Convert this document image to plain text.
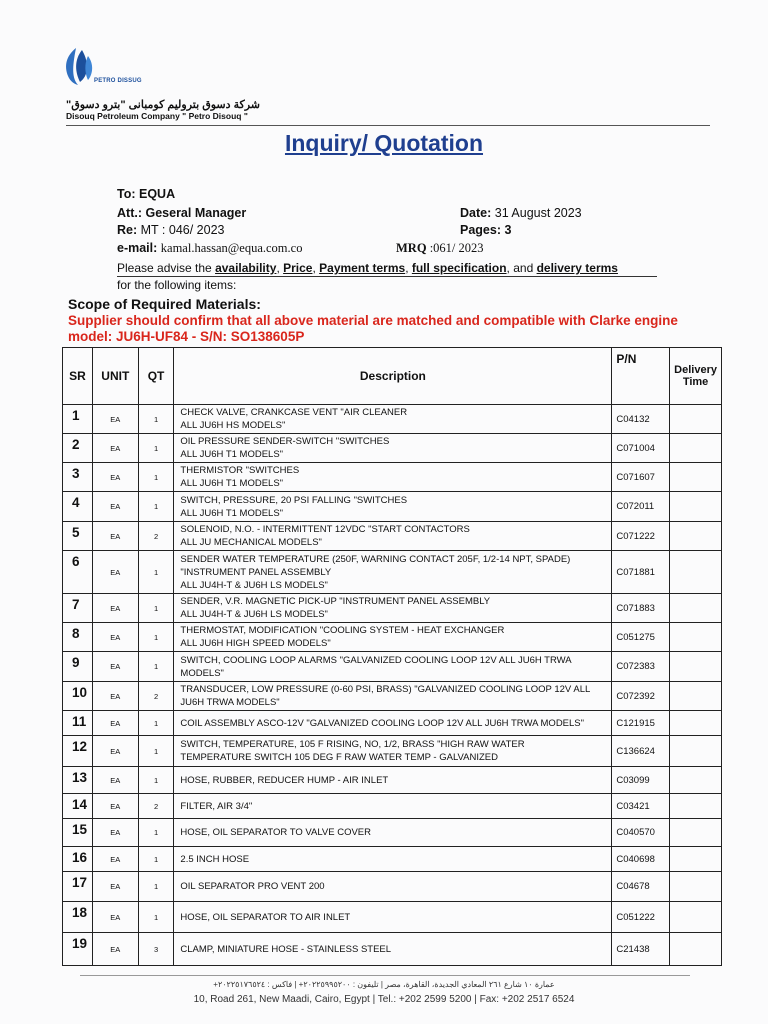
PETRO DISSUG
شركة دسوق بتروليم كومبانى "بترو دسوق"
Disouq Petroleum Company " Petro Disouq "
Inquiry/ Quotation
To: EQUA
Att.: Geseral Manager
Re: MT : 046/ 2023
e-mail: kamal.hassan@equa.com.co
Date: 31 August 2023
Pages: 3
MRQ :061/ 2023
Please advise the availability, Price, Payment terms, full specification, and delivery terms
for the following items:
Scope of Required Materials:
Supplier should confirm that all above material are matched and compatible with Clarke engine model: JU6H-UF84 - S/N: SO138605P
SR	UNIT	QT	Description	P/N	Delivery Time
1	EA	1	CHECK VALVE, CRANKCASE VENT "AIR CLEANER
ALL JU6H HS MODELS"	C04132	
2	EA	1	OIL PRESSURE SENDER-SWITCH "SWITCHES
ALL JU6H T1 MODELS"	C071004	
3	EA	1	THERMISTOR "SWITCHES
ALL JU6H T1 MODELS"	C071607	
4	EA	1	SWITCH, PRESSURE, 20 PSI FALLING "SWITCHES
ALL JU6H T1 MODELS"	C072011	
5	EA	2	SOLENOID, N.O. - INTERMITTENT 12VDC "START CONTACTORS
ALL JU MECHANICAL MODELS"	C071222	
6	EA	1	SENDER WATER TEMPERATURE (250F, WARNING CONTACT 205F, 1/2-14 NPT, SPADE)
"INSTRUMENT PANEL ASSEMBLY
ALL JU4H-T & JU6H LS MODELS"	C071881	
7	EA	1	SENDER, V.R. MAGNETIC PICK-UP "INSTRUMENT PANEL ASSEMBLY
ALL JU4H-T & JU6H LS MODELS"	C071883	
8	EA	1	THERMOSTAT, MODIFICATION "COOLING SYSTEM - HEAT EXCHANGER
ALL JU6H HIGH SPEED MODELS"	C051275	
9	EA	1	SWITCH, COOLING LOOP ALARMS "GALVANIZED COOLING LOOP 12V ALL JU6H TRWA
MODELS"	C072383	
10	EA	2	TRANSDUCER, LOW PRESSURE (0-60 PSI, BRASS) "GALVANIZED COOLING LOOP 12V ALL
JU6H TRWA MODELS"	C072392	
11	EA	1	COIL ASSEMBLY ASCO-12V "GALVANIZED COOLING LOOP 12V ALL JU6H TRWA MODELS"	C121915	
12	EA	1	SWITCH, TEMPERATURE, 105 F RISING, NO, 1/2, BRASS "HIGH RAW WATER
TEMPERATURE SWITCH 105 DEG F RAW WATER TEMP - GALVANIZED	C136624	
13	EA	1	HOSE, RUBBER, REDUCER HUMP - AIR INLET	C03099	
14	EA	2	FILTER, AIR 3/4"	C03421	
15	EA	1	HOSE, OIL SEPARATOR TO VALVE COVER	C040570	
16	EA	1	2.5 INCH HOSE	C040698	
17	EA	1	OIL SEPARATOR PRO VENT 200	C04678	
18	EA	1	HOSE, OIL SEPARATOR TO AIR INLET	C051222	
19	EA	3	CLAMP, MINIATURE HOSE - STAINLESS STEEL	C21438	
عمارة ١٠ شارع ٢٦١ المعادي الجديدة، القاهرة، مصر | تليفون : ٢٠٢٢٥٩٩٥٢٠٠+ | فاكس : ٢٠٢٢٥١٧٦٥٢٤+
10, Road 261, New Maadi, Cairo, Egypt | Tel.: +202 2599 5200 | Fax: +202 2517 6524
